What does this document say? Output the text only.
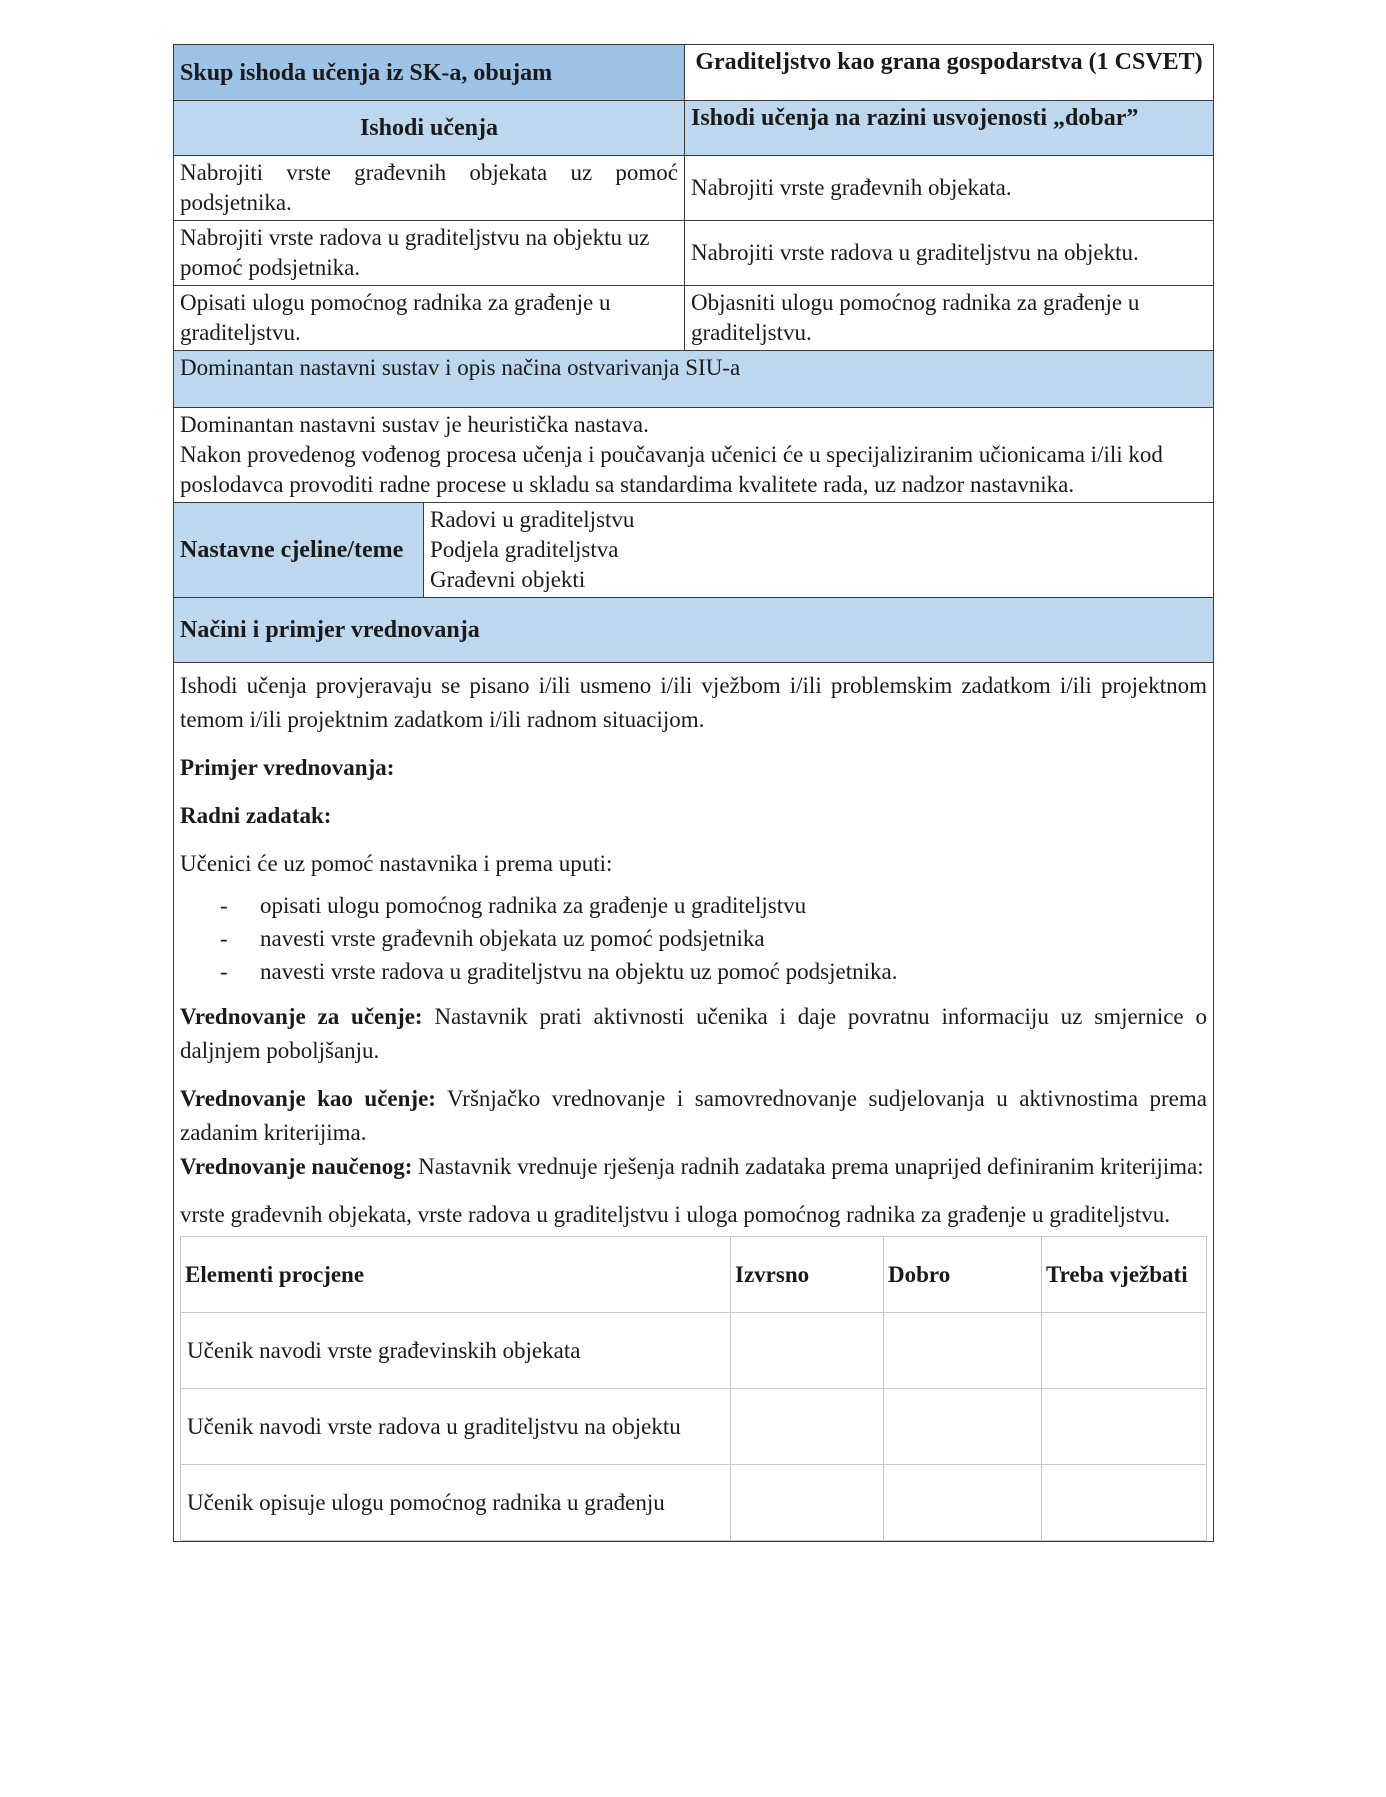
Skup ishoda učenja iz SK-a, obujam	Graditeljstvo kao grana gospodarstva (1 CSVET)
Ishodi učenja	Ishodi učenja na razini usvojenosti „dobar”
Nabrojiti vrste građevnih objekata uz pomoć podsjetnika.	Nabrojiti vrste građevnih objekata.
Nabrojiti vrste radova u graditeljstvu na objektu uz pomoć podsjetnika.	Nabrojiti vrste radova u graditeljstvu na objektu.
Opisati ulogu pomoćnog radnika za građenje u graditeljstvu.	Objasniti ulogu pomoćnog radnika za građenje u graditeljstvu.
Dominantan nastavni sustav i opis načina ostvarivanja SIU-a

Dominantan nastavni sustav je heuristička nastava.

Nakon provedenog vođenog procesa učenja i poučavanja učenici će u specijaliziranim učionicama i/ili kod poslodavca provoditi radne procese u skladu sa standardima kvalitete rada, uz nadzor nastavnika.

Nastavne cjeline/teme	
Radovi u graditeljstvu
Podjela graditeljstva
Građevni objekti

Načini i primjer vrednovanja

Ishodi učenja provjeravaju se pisano i/ili usmeno i/ili vježbom i/ili problemskim zadatkom i/ili projektnom temom i/ili projektnim zadatkom i/ili radnom situacijom.

Primjer vrednovanja:

Radni zadatak:

Učenici će uz pomoć nastavnika i prema uputi:

- opisati ulogu pomoćnog radnika za građenje u graditeljstvu
- navesti vrste građevnih objekata uz pomoć podsjetnika
- navesti vrste radova u graditeljstvu na objektu uz pomoć podsjetnika.

Vrednovanje za učenje: Nastavnik prati aktivnosti učenika i daje povratnu informaciju uz smjernice o daljnjem poboljšanju.

Vrednovanje kao učenje: Vršnjačko vrednovanje i samovrednovanje sudjelovanja u aktivnostima prema zadanim kriterijima.

Vrednovanje naučenog: Nastavnik vrednuje rješenja radnih zadataka prema unaprijed definiranim kriterijima:

vrste građevnih objekata, vrste radova u graditeljstvu i uloga pomoćnog radnika za građenje u graditeljstvu.

Elementi procjene	Izvrsno	Dobro	Treba vježbati
Učenik navodi vrste građevinskih objekata			
Učenik navodi vrste radova u graditeljstvu na objektu			
Učenik opisuje ulogu pomoćnog radnika u građenju			
